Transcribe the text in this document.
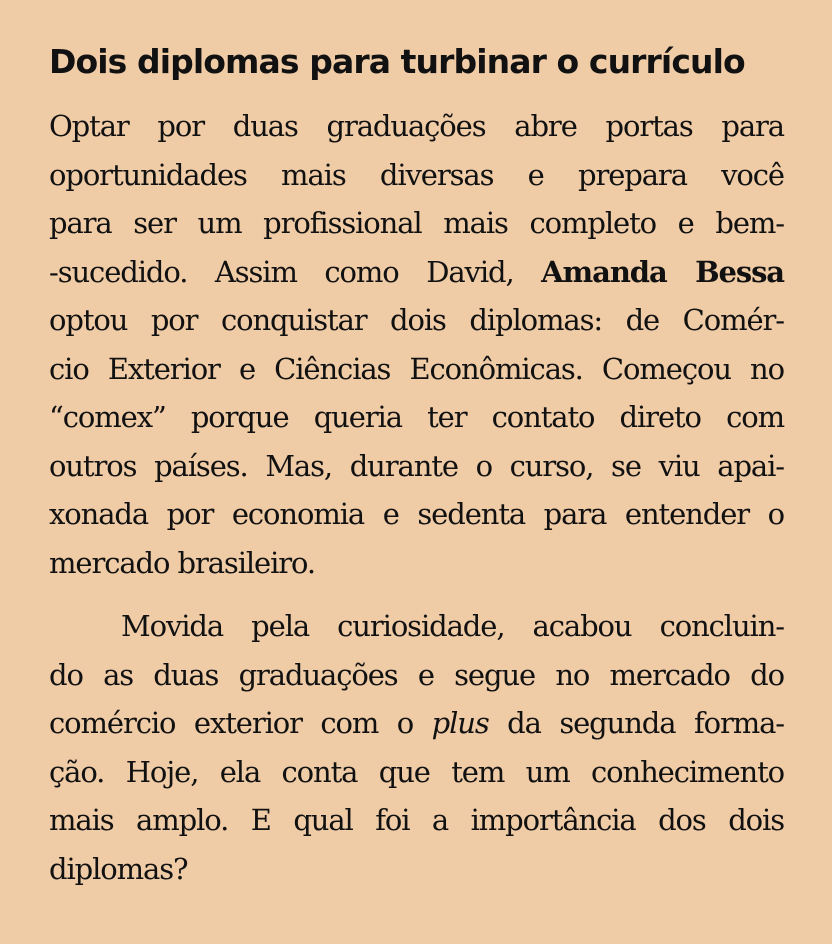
Dois diplomas para turbinar o currículo
Optar por duas graduações abre portas para
oportunidades mais diversas e prepara você
para ser um profissional mais completo e bem-
-sucedido. Assim como David, Amanda Bessa
optou por conquistar dois diplomas: de Comér-
cio Exterior e Ciências Econômicas. Começou no
“comex” porque queria ter contato direto com
outros países. Mas, durante o curso, se viu apai-
xonada por economia e sedenta para entender o
mercado brasileiro.
Movida pela curiosidade, acabou concluin-
do as duas graduações e segue no mercado do
comércio exterior com o plus da segunda forma-
ção. Hoje, ela conta que tem um conhecimento
mais amplo. E qual foi a importância dos dois
diplomas?
